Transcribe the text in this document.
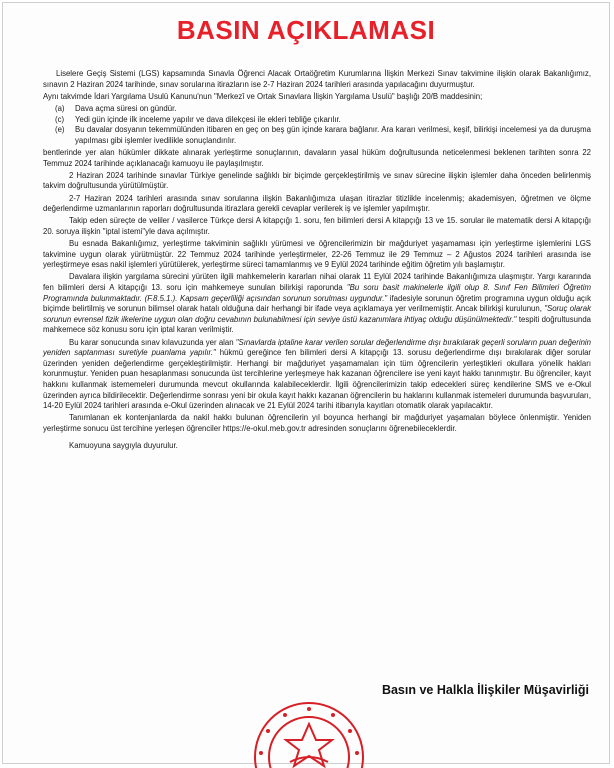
BASIN AÇIKLAMASI

Liselere Geçiş Sistemi (LGS) kapsamında Sınavla Öğrenci Alacak Ortaöğretim Kurumlarına İlişkin Merkezi Sınav takvimine ilişkin olarak Bakanlığımız, sınavın 2 Haziran 2024 tarihinde, sınav sorularına itirazların ise 2-7 Haziran 2024 tarihleri arasında yapılacağını duyurmuştur.

Aynı takvimde İdari Yargılama Usulü Kanunu'nun "Merkezî ve Ortak Sınavlara İlişkin Yargılama Usulü" başlığı 20/B maddesinin;

(a)	Dava açma süresi on gündür.
(c)	Yedi gün içinde ilk inceleme yapılır ve dava dilekçesi ile ekleri tebliğe çıkarılır.
(e)	Bu davalar dosyanın tekemmülünden itibaren en geç on beş gün içinde karara bağlanır. Ara kararı verilmesi, keşif, bilirkişi incelemesi ya da duruşma yapılması gibi işlemler ivedilikle sonuçlandırılır.

bentlerinde yer alan hükümler dikkate alınarak yerleştirme sonuçlarının, davaların yasal hüküm doğrultusunda neticelenmesi beklenen tarihten sonra 22 Temmuz 2024 tarihinde açıklanacağı kamuoyu ile paylaşılmıştır.

2 Haziran 2024 tarihinde sınavlar Türkiye genelinde sağlıklı bir biçimde gerçekleştirilmiş ve sınav sürecine ilişkin işlemler daha önceden belirlenmiş takvim doğrultusunda yürütülmüştür.

2-7 Haziran 2024 tarihleri arasında sınav sorularına ilişkin Bakanlığımıza ulaşan itirazlar titizlikle incelenmiş; akademisyen, öğretmen ve ölçme değerlendirme uzmanlarının raporları doğrultusunda itirazlara gerekli cevaplar verilerek iş ve işlemler yapılmıştır.

Takip eden süreçte de veliler / vasilerce Türkçe dersi A kitapçığı 1. soru, fen bilimleri dersi A kitapçığı 13 ve 15. sorular ile matematik dersi A kitapçığı 20. soruya ilişkin "iptal istemi"yle dava açılmıştır.

Bu esnada Bakanlığımız, yerleştirme takviminin sağlıklı yürümesi ve öğrencilerimizin bir mağduriyet yaşamaması için yerleştirme işlemlerini LGS takvimine uygun olarak yürütmüştür. 22 Temmuz 2024 tarihinde yerleştirmeler, 22-26 Temmuz ile 29 Temmuz – 2 Ağustos 2024 tarihleri arasında ise yerleştirmeye esas nakil işlemleri yürütülerek, yerleştirme süreci tamamlanmış ve 9 Eylül 2024 tarihinde eğitim öğretim yılı başlamıştır.

Davalara ilişkin yargılama sürecini yürüten ilgili mahkemelerin kararları nihai olarak 11 Eylül 2024 tarihinde Bakanlığımıza ulaşmıştır. Yargı kararında fen bilimleri dersi A kitapçığı 13. soru için mahkemeye sunulan bilirkişi raporunda "Bu soru basit makinelerle ilgili olup 8. Sınıf Fen Bilimleri Öğretim Programında bulunmaktadır. (F.8.5.1.). Kapsam geçerliliği açısından sorunun sorulması uygundur." ifadesiyle sorunun öğretim programına uygun olduğu açık biçimde belirtilmiş ve sorunun bilimsel olarak hatalı olduğuna dair herhangi bir ifade veya açıklamaya yer verilmemiştir. Ancak bilirkişi kurulunun, "Soruç olarak sorunun evrensel fizik ilkelerine uygun olan doğru cevabının bulunabilmesi için seviye üstü kazanımlara ihtiyaç olduğu düşünülmektedir." tespiti doğrultusunda mahkemece söz konusu soru için iptal kararı verilmiştir.

Bu karar sonucunda sınav kılavuzunda yer alan "Sınavlarda iptaline karar verilen sorular değerlendirme dışı bırakılarak geçerli soruların puan değerinin yeniden saptanması suretiyle puanlama yapılır." hükmü gereğince fen bilimleri dersi A kitapçığı 13. sorusu değerlendirme dışı bırakılarak diğer sorular üzerinden yeniden değerlendirme gerçekleştirilmiştir. Herhangi bir mağduriyet yaşamamaları için tüm öğrencilerin yerleştikleri okullara yönelik hakları korunmuştur. Yeniden puan hesaplanması sonucunda üst tercihlerine yerleşmeye hak kazanan öğrencilere ise yeni kayıt hakkı tanınmıştır. Bu öğrenciler, kayıt hakkını kullanmak istememeleri durumunda mevcut okullarında kalabileceklerdir. İlgili öğrencilerimizin takip edecekleri süreç kendilerine SMS ve e-Okul üzerinden ayrıca bildirilecektir. Değerlendirme sonrası yeni bir okula kayıt hakkı kazanan öğrencilerin bu haklarını kullanmak istemeleri durumunda başvuruları, 14-20 Eylül 2024 tarihleri arasında e-Okul üzerinden alınacak ve 21 Eylül 2024 tarihi itibarıyla kayıtları otomatik olarak yapılacaktır.

Tanımlanan ek kontenjanlarda da nakil hakkı bulunan öğrencilerin yıl boyunca herhangi bir mağduriyet yaşamaları böylece önlenmiştir. Yeniden yerleştirme sonucu üst tercihine yerleşen öğrenciler https://e-okul.meb.gov.tr adresinden sonuçlarını öğrenebileceklerdir.

Kamuoyuna saygıyla duyurulur.

Basın ve Halkla İlişkiler Müşavirliği
